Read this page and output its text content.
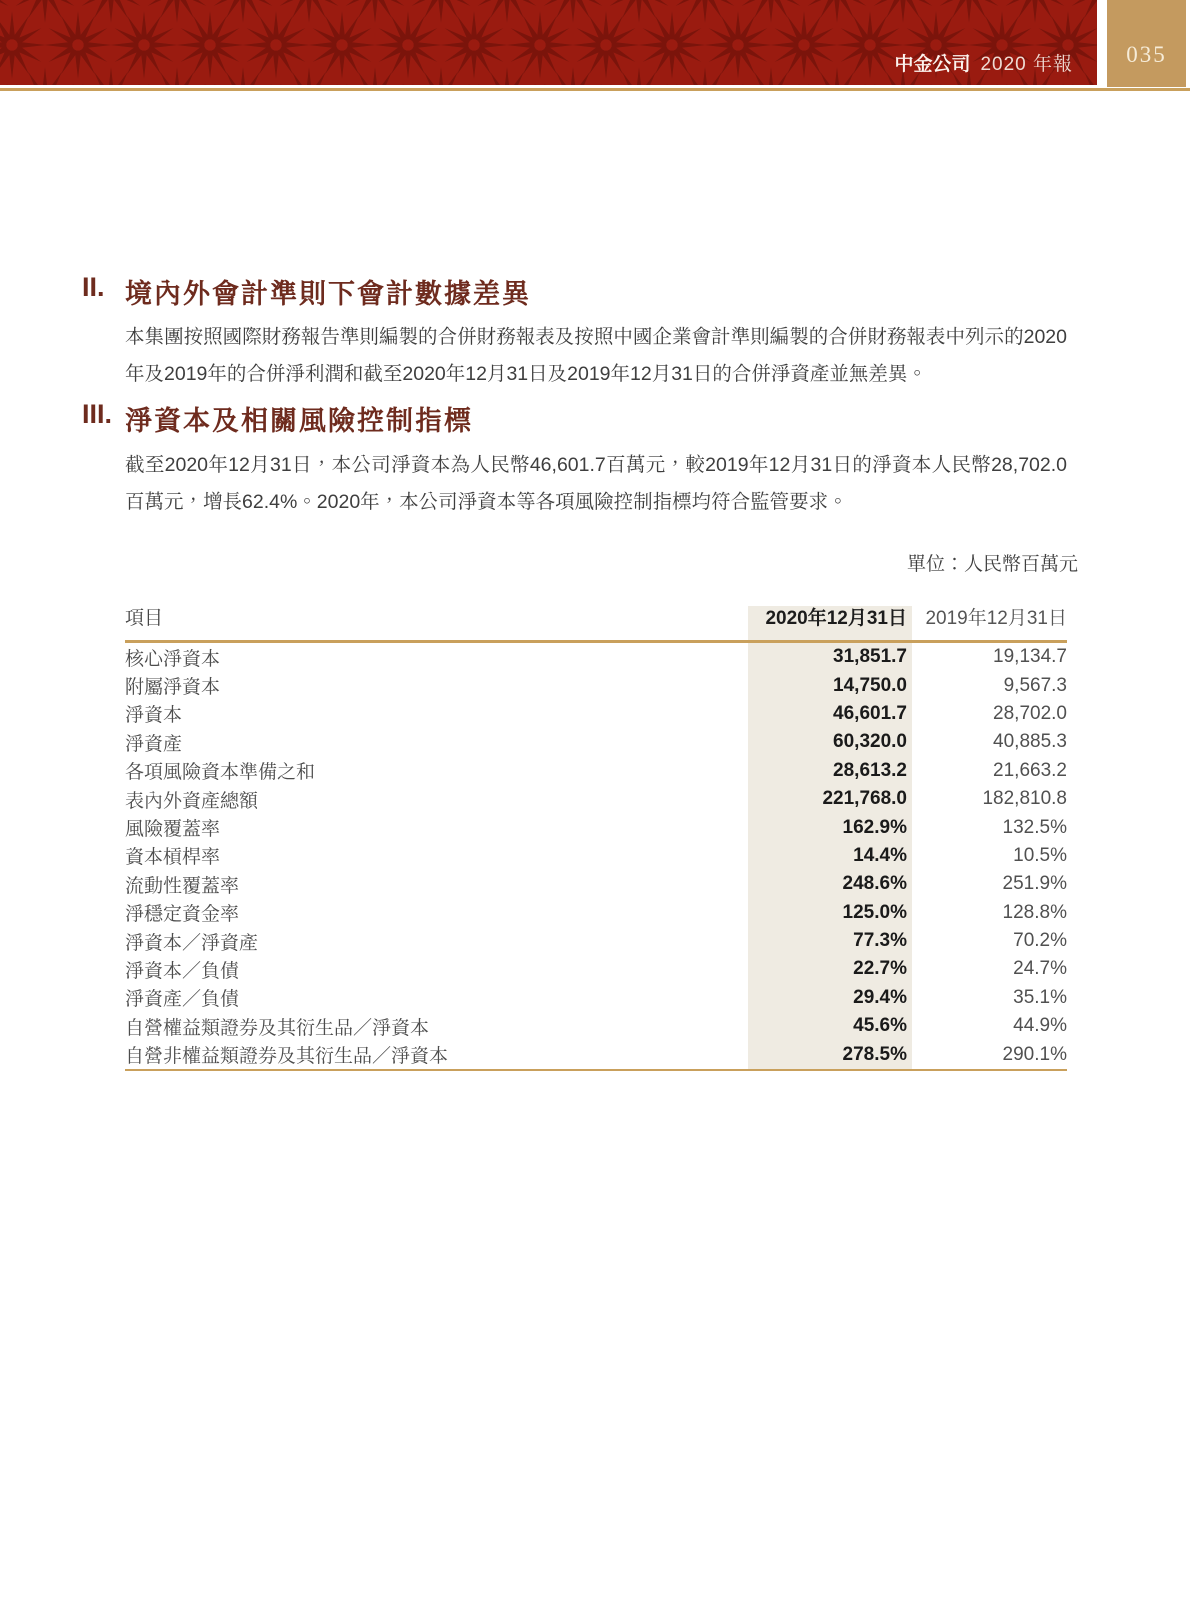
中金公司 2020 年報 035
II. 境內外會計準則下會計數據差異

本集團按照國際財務報告準則編製的合併財務報表及按照中國企業會計準則編製的合併財務報表中列示的2020年及2019年的合併淨利潤和截至2020年12月31日及2019年12月31日的合併淨資產並無差異。

III. 淨資本及相關風險控制指標

截至2020年12月31日，本公司淨資本為人民幣46,601.7百萬元，較2019年12月31日的淨資本人民幣28,702.0百萬元，增長62.4%。2020年，本公司淨資本等各項風險控制指標均符合監管要求。

單位：人民幣百萬元
項目	2020年12月31日 2019年12月31日
核心淨資本	31,851.7	19,134.7
附屬淨資本	14,750.0	9,567.3
淨資本	46,601.7	28,702.0
淨資產	60,320.0	40,885.3
各項風險資本準備之和	28,613.2	21,663.2
表內外資產總額	221,768.0	182,810.8
風險覆蓋率	162.9%	132.5%
資本槓桿率	14.4%	10.5%
流動性覆蓋率	248.6%	251.9%
淨穩定資金率	125.0%	128.8%
淨資本／淨資產	77.3%	70.2%
淨資本／負債	22.7%	24.7%
淨資產／負債	29.4%	35.1%
自營權益類證券及其衍生品／淨資本	45.6%	44.9%
自營非權益類證券及其衍生品／淨資本	278.5%	290.1%
